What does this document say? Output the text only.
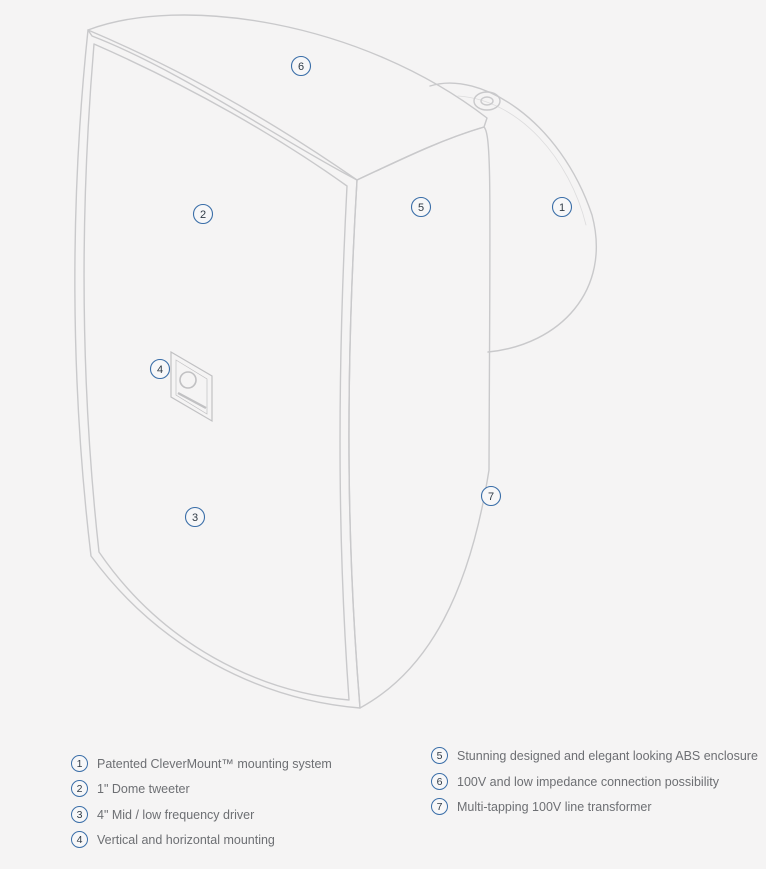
1
2
3
4
5
6
7
1	Patented CleverMount™ mounting system
2	1" Dome tweeter
3	4" Mid / low frequency driver
4	Vertical and horizontal mounting
5	Stunning designed and elegant looking ABS enclosure
6	100V and low impedance connection possibility
7	Multi-tapping 100V line transformer
